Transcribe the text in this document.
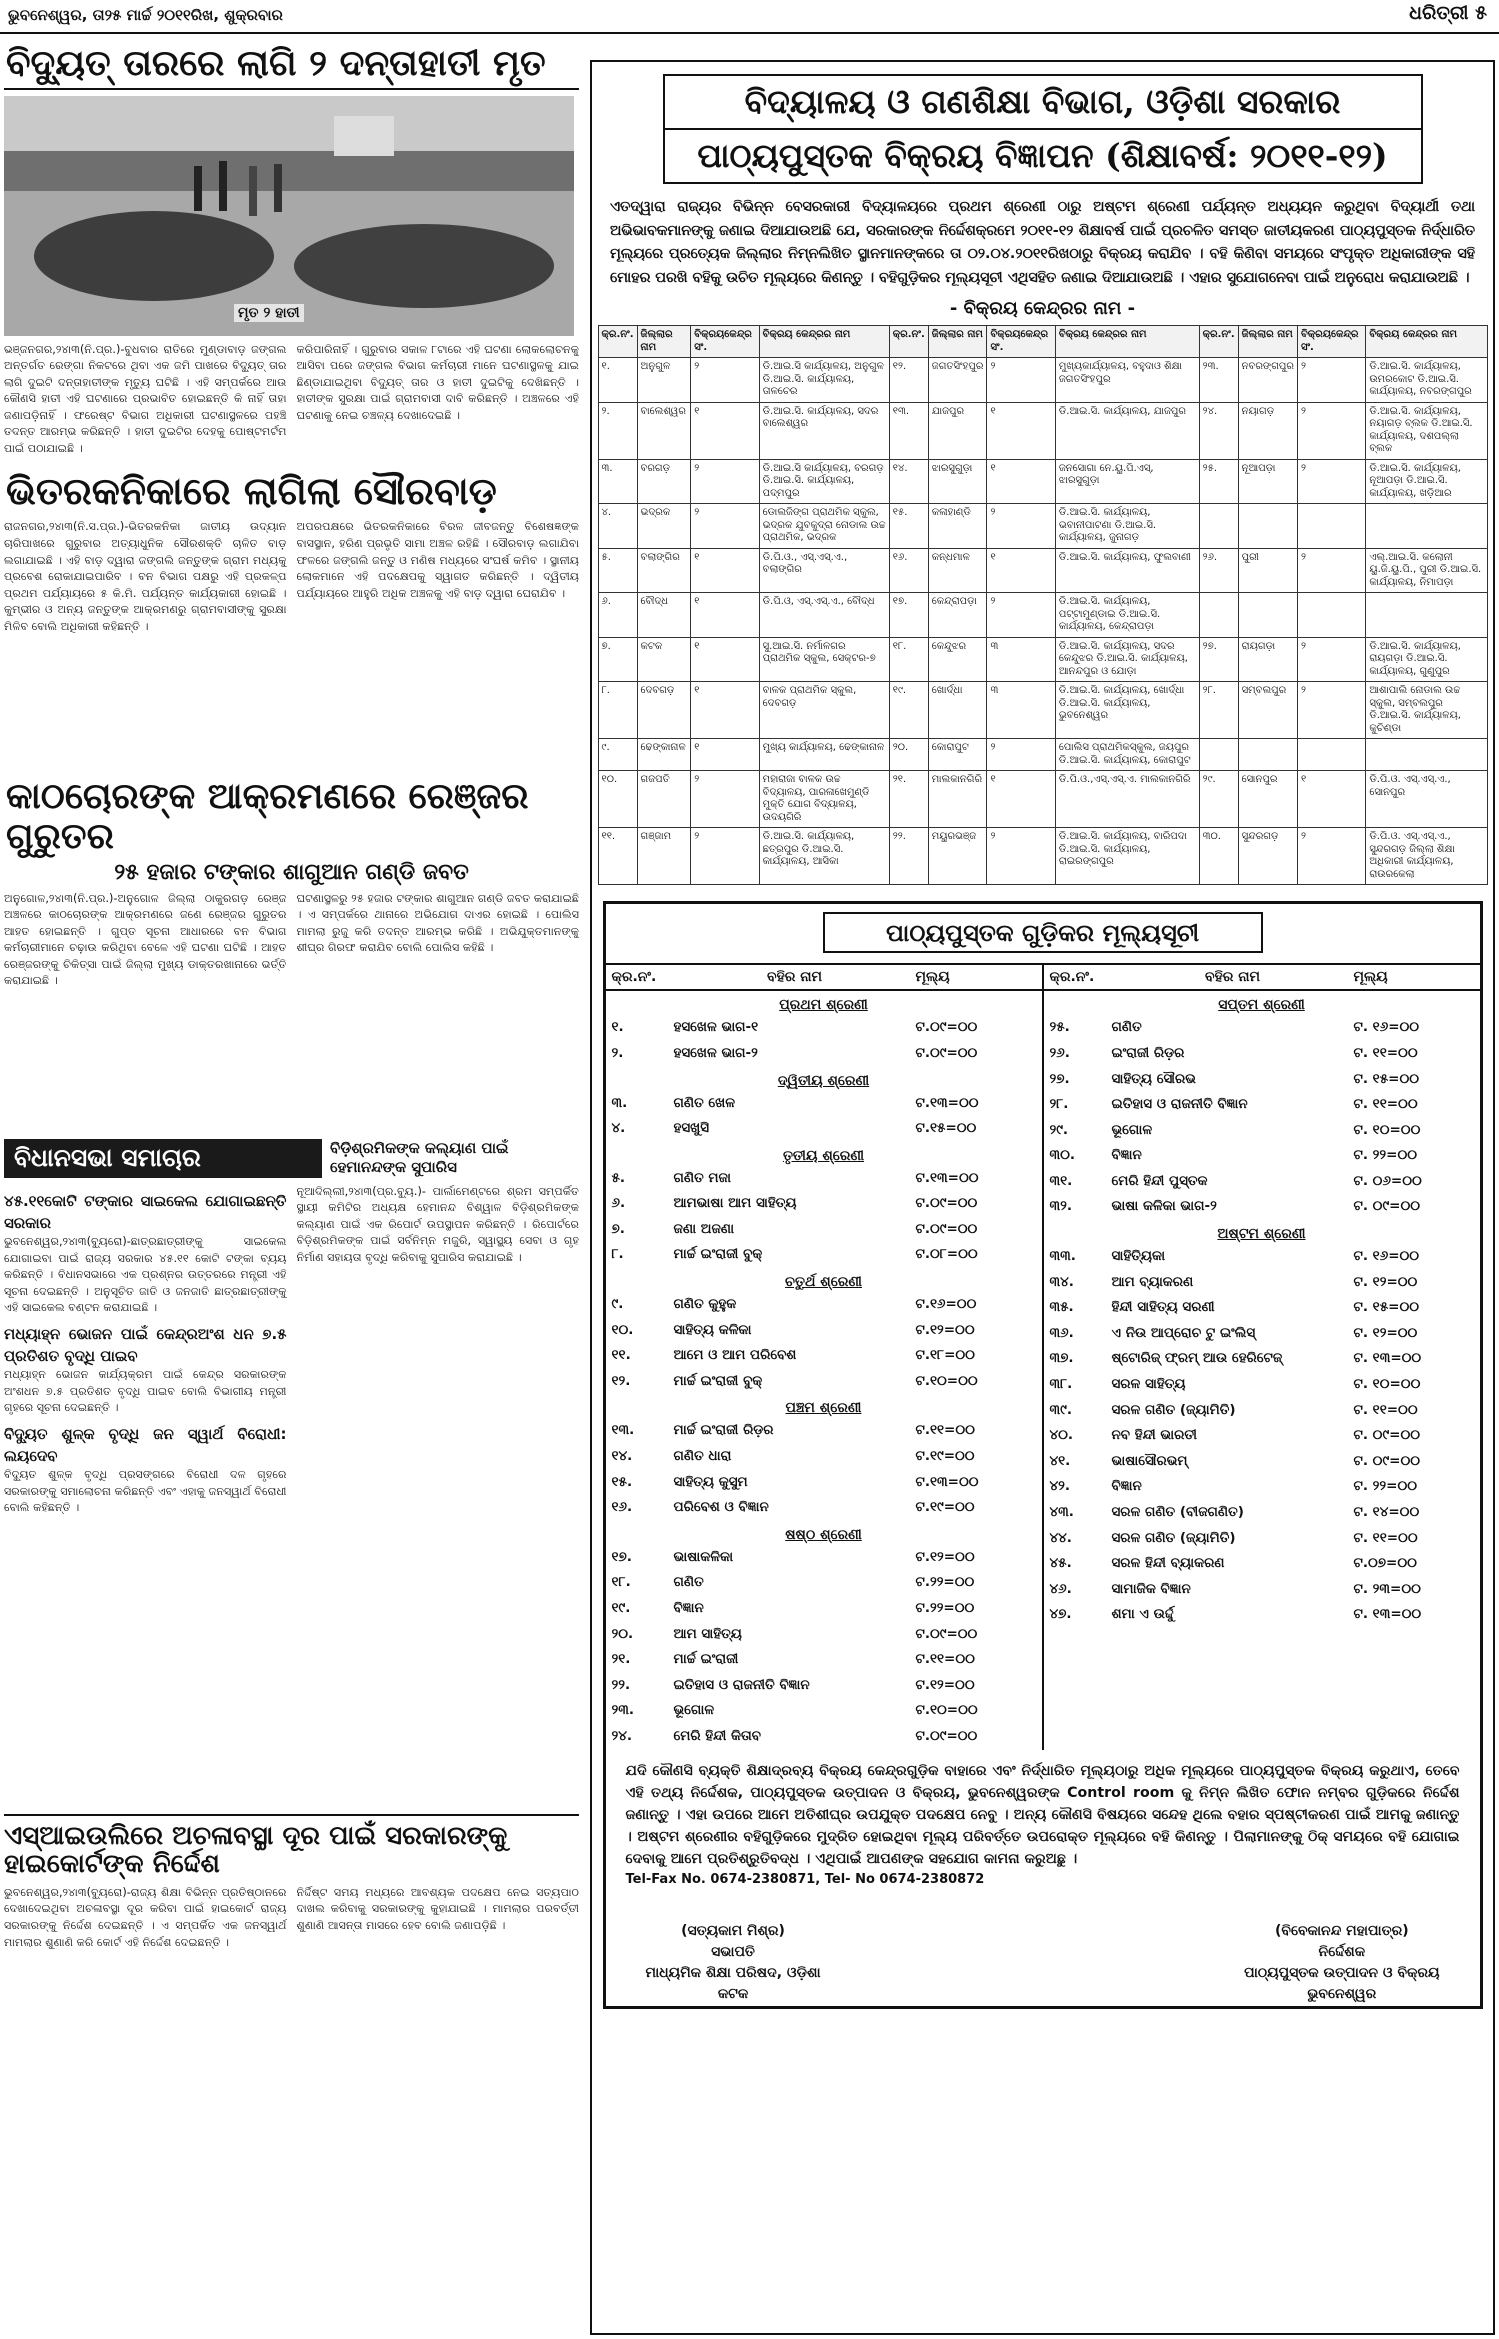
ଭୁବନେଶ୍ୱର, ତା୨୫ ମାର୍ଚ୍ଚ ୨୦୧୧ରିଖ, ଶୁକ୍ରବାର	ଧରିତ୍ରୀ ୫
ବିଦ୍ୟୁତ୍ ତାରରେ ଲାଗି ୨ ଦନ୍ତାହାତୀ ମୃତ
ମୃତ ୨ ହାତୀ
ଭଞ୍ଜନଗର,୨୪ା୩(ନି.ପ୍ର.)-ବୁଧବାର ରାତିରେ ମୁଣ୍ଡାବାଡ଼ ଜଙ୍ଗଲ ଅନ୍ତର୍ଗତ ରେଙ୍ଗା ନିକଟରେ ଥିବା ଏକ ଜମି ପାଖରେ ବିଦ୍ୟୁତ୍ ତାର ଲାଗି ଦୁଇଟି ଦନ୍ତାହାତୀଙ୍କ ମୃତ୍ୟୁ ଘଟିଛି । ଏହି ସମ୍ପର୍କରେ ଆଉ କୌଣସି ହାତୀ ଏହି ଘଟଣାରେ ପ୍ରଭାବିତ ହୋଇଛନ୍ତି କି ନାହିଁ ତାହା ଜଣାପଡ଼ିନାହିଁ । ଫରେଷ୍ଟ ବିଭାଗ ଅଧିକାରୀ ଘଟଣାସ୍ଥଳରେ ପହଞ୍ଚି ତଦନ୍ତ ଆରମ୍ଭ କରିଛନ୍ତି । ହାତୀ ଦୁଇଟିର ଦେହକୁ ପୋଷ୍ଟମର୍ଟମ ପାଇଁ ପଠାଯାଇଛି ।
କରିପାରିନାହିଁ । ଗୁରୁବାର ସକାଳ ୮ଟାରେ ଏହି ଘଟଣା ଲୋକଲୋଚନକୁ ଆସିବା ପରେ ଜଙ୍ଗଲ ବିଭାଗ କର୍ମଚାରୀ ମାନେ ଘଟଣାସ୍ଥଳକୁ ଯାଇ ଛିଣ୍ଡାଯାଇଥିବା ବିଦ୍ୟୁତ୍ ତାର ଓ ହାତୀ ଦୁଇଟିକୁ ଦେଖିଛନ୍ତି । ହାତୀଙ୍କ ସୁରକ୍ଷା ପାଇଁ ଗ୍ରାମବାସୀ ଦାବି କରିଛନ୍ତି । ଅଞ୍ଚଳରେ ଏହି ଘଟଣାକୁ ନେଇ ଚଞ୍ଚଳ୍ୟ ଦେଖାଦେଇଛି ।
ଭିତରକନିକାରେ ଲାଗିଲା ସୌରବାଡ଼
ରାଜନଗର,୨୪ା୩(ନି.ସ.ପ୍ର.)-ଭିତରକନିକା ଜାତୀୟ ଉଦ୍ୟାନ ଚାରିପାଖରେ ଗୁରୁବାର ଅତ୍ୟାଧୁନିକ ସୌରଶକ୍ତି ଚାଳିତ ବାଡ଼ ଲଗାଯାଇଛି । ଏହି ବାଡ଼ ଦ୍ୱାରା ଜଙ୍ଗଲି ଜନ୍ତୁଙ୍କ ଗ୍ରାମ ମଧ୍ୟକୁ ପ୍ରବେଶ ରୋକାଯାଇପାରିବ । ବନ ବିଭାଗ ପକ୍ଷରୁ ଏହି ପ୍ରକଳ୍ପ ପ୍ରଥମ ପର୍ଯ୍ୟାୟରେ ୫ କି.ମି. ପର୍ଯ୍ୟନ୍ତ କାର୍ଯ୍ୟକାରୀ ହୋଇଛି । କୁମ୍ଭୀର ଓ ଅନ୍ୟ ଜନ୍ତୁଙ୍କ ଆକ୍ରମଣରୁ ଗ୍ରାମବାସୀଙ୍କୁ ସୁରକ୍ଷା ମିଳିବ ବୋଲି ଅଧିକାରୀ କହିଛନ୍ତି ।
ଅପରପକ୍ଷରେ ଭିତରକନିକାରେ ବିରଳ ଜୀବଜନ୍ତୁ ବିଶେଷଜ୍ଞଙ୍କ ବାସସ୍ଥାନ, ହରିଣ ପ୍ରଭୃତି ସାମା ଅଞ୍ଚଳ ରହିଛି । ସୌରବାଡ଼ ଲଗାଯିବା ଫଳରେ ଜଙ୍ଗଲି ଜନ୍ତୁ ଓ ମଣିଷ ମଧ୍ୟରେ ସଂଘର୍ଷ କମିବ । ସ୍ଥାନୀୟ ଲୋକମାନେ ଏହି ପଦକ୍ଷେପକୁ ସ୍ୱାଗତ କରିଛନ୍ତି । ଦ୍ୱିତୀୟ ପର୍ଯ୍ୟାୟରେ ଆହୁରି ଅଧିକ ଅଞ୍ଚଳକୁ ଏହି ବାଡ଼ ଦ୍ୱାରା ଘେରାଯିବ ।
କାଠଚୋରଙ୍କ ଆକ୍ରମଣରେ ରେଞ୍ଜର ଗୁରୁତର
୨୫ ହଜାର ଟଙ୍କାର ଶାଗୁଆନ ଗଣ୍ଡି ଜବତ
ଅନୁଗୋଳ,୨୪ା୩(ନି.ପ୍ର.)-ଅନୁଗୋଳ ଜିଲ୍ଲା ଠାକୁରଗଡ଼ ରେଞ୍ଜ ଅଞ୍ଚଳରେ କାଠଚୋରଙ୍କ ଆକ୍ରମଣରେ ଜଣେ ରେଞ୍ଜର ଗୁରୁତର ଆହତ ହୋଇଛନ୍ତି । ଗୁପ୍ତ ସୂଚନା ଆଧାରରେ ବନ ବିଭାଗ କର୍ମଚାରୀମାନେ ଚଢ଼ାଉ କରିଥିବା ବେଳେ ଏହି ଘଟଣା ଘଟିଛି । ଆହତ ରେଞ୍ଜରଙ୍କୁ ଚିକିତ୍ସା ପାଇଁ ଜିଲ୍ଲା ମୁଖ୍ୟ ଡାକ୍ତରଖାନାରେ ଭର୍ତ୍ତି କରାଯାଇଛି ।
ଘଟଣାସ୍ଥଳରୁ ୨୫ ହଜାର ଟଙ୍କାର ଶାଗୁଆନ ଗଣ୍ଡି ଜବତ କରାଯାଇଛି । ଏ ସମ୍ପର୍କରେ ଥାନାରେ ଅଭିଯୋଗ ଦାଏର ହୋଇଛି । ପୋଲିସ ମାମଲା ରୁଜୁ କରି ତଦନ୍ତ ଆରମ୍ଭ କରିଛି । ଅଭିଯୁକ୍ତମାନଙ୍କୁ ଶୀଘ୍ର ଗିରଫ କରାଯିବ ବୋଲି ପୋଲିସ କହିଛି ।
ବିଧାନସଭା ସମାଚାର	ବିଡ଼ିଶ୍ରମିକଙ୍କ କଲ୍ୟାଣ ପାଇଁ ହେମାନନ୍ଦଙ୍କ ସୁପାରିସ
୪୫.୧୧କୋଟି ଟଙ୍କାର ସାଇକେଲ ଯୋଗାଇଛନ୍ତି ସରକାର
ଭୁବନେଶ୍ୱର,୨୪ା୩(ବ୍ୟୁରୋ)-ଛାତ୍ରଛାତ୍ରୀଙ୍କୁ ସାଇକେଲ ଯୋଗାଇବା ପାଇଁ ରାଜ୍ୟ ସରକାର ୪୫.୧୧ କୋଟି ଟଙ୍କା ବ୍ୟୟ କରିଛନ୍ତି । ବିଧାନସଭାରେ ଏକ ପ୍ରଶ୍ନର ଉତ୍ତରରେ ମନ୍ତ୍ରୀ ଏହି ସୂଚନା ଦେଇଛନ୍ତି । ଅନୁସୂଚିତ ଜାତି ଓ ଜନଜାତି ଛାତ୍ରଛାତ୍ରୀଙ୍କୁ ଏହି ସାଇକେଲ ବଣ୍ଟନ କରାଯାଇଛି ।
ମଧ୍ୟାହ୍ନ ଭୋଜନ ପାଇଁ କେନ୍ଦ୍ରଅଂଶ ଧନ ୭.୫ ପ୍ରତିଶତ ବୃଦ୍ଧି ପାଇବ
ମଧ୍ୟାହ୍ନ ଭୋଜନ କାର୍ଯ୍ୟକ୍ରମ ପାଇଁ କେନ୍ଦ୍ର ସରକାରଙ୍କ ଅଂଶଧନ ୭.୫ ପ୍ରତିଶତ ବୃଦ୍ଧି ପାଇବ ବୋଲି ବିଭାଗୀୟ ମନ୍ତ୍ରୀ ଗୃହରେ ସୂଚନା ଦେଇଛନ୍ତି ।
ବିଦ୍ୟୁତ ଶୁଳ୍କ ବୃଦ୍ଧି ଜନ ସ୍ୱାର୍ଥ ବିରୋଧୀ: ଲୟଦେବ
ବିଦ୍ୟୁତ ଶୁଳ୍କ ବୃଦ୍ଧି ପ୍ରସଙ୍ଗରେ ବିରୋଧୀ ଦଳ ଗୃହରେ ସରକାରଙ୍କୁ ସମାଲୋଚନା କରିଛନ୍ତି ଏବଂ ଏହାକୁ ଜନସ୍ୱାର୍ଥ ବିରୋଧୀ ବୋଲି କହିଛନ୍ତି ।
ନୂଆଦିଲ୍ଲୀ,୨୪ା୩(ପ୍ର.ବ୍ୟୁ.)- ପାର୍ଲାମେଣ୍ଟରେ ଶ୍ରମ ସମ୍ପର୍କିତ ସ୍ଥାୟୀ କମିଟିର ଅଧ୍ୟକ୍ଷ ହେମାନନ୍ଦ ବିଶ୍ୱାଳ ବିଡ଼ିଶ୍ରମିକଙ୍କ କଲ୍ୟାଣ ପାଇଁ ଏକ ରିପୋର୍ଟ ଉପସ୍ଥାପନ କରିଛନ୍ତି । ରିପୋର୍ଟରେ ବିଡ଼ିଶ୍ରମିକଙ୍କ ପାଇଁ ସର୍ବନିମ୍ନ ମଜୁରି, ସ୍ୱାସ୍ଥ୍ୟ ସେବା ଓ ଗୃହ ନିର୍ମାଣ ସହାୟତା ବୃଦ୍ଧି କରିବାକୁ ସୁପାରିସ କରାଯାଇଛି ।
ଏସ୍ଆଇଉଲିରେ ଅଚଳାବସ୍ଥା ଦୂର ପାଇଁ ସରକାରଙ୍କୁ ହାଇକୋର୍ଟଙ୍କ ନିର୍ଦ୍ଦେଶ
ଭୁବନେଶ୍ୱର,୨୪ା୩(ବ୍ୟୁରୋ)-ରାଜ୍ୟ ଶିକ୍ଷା ବିଭିନ୍ନ ପ୍ରତିଷ୍ଠାନରେ ଦେଖାଦେଇଥିବା ଅଚଳାବସ୍ଥା ଦୂର କରିବା ପାଇଁ ହାଇକୋର୍ଟ ରାଜ୍ୟ ସରକାରଙ୍କୁ ନିର୍ଦ୍ଦେଶ ଦେଇଛନ୍ତି । ଏ ସମ୍ପର୍କିତ ଏକ ଜନସ୍ୱାର୍ଥ ମାମଲାର ଶୁଣାଣି କରି କୋର୍ଟ ଏହି ନିର୍ଦ୍ଦେଶ ଦେଇଛନ୍ତି ।
ନିର୍ଦ୍ଦିଷ୍ଟ ସମୟ ମଧ୍ୟରେ ଆବଶ୍ୟକ ପଦକ୍ଷେପ ନେଇ ସତ୍ୟପାଠ ଦାଖଲ କରିବାକୁ ସରକାରଙ୍କୁ କୁହାଯାଇଛି । ମାମଲାର ପରବର୍ତ୍ତୀ ଶୁଣାଣି ଆସନ୍ତା ମାସରେ ହେବ ବୋଲି ଜଣାପଡ଼ିଛି ।
ବିଦ୍ୟାଳୟ ଓ ଗଣଶିକ୍ଷା ବିଭାଗ, ଓଡ଼ିଶା ସରକାର
ପାଠ୍ୟପୁସ୍ତକ ବିକ୍ରୟ ବିଜ୍ଞାପନ (ଶିକ୍ଷାବର୍ଷ: ୨୦୧୧-୧୨)
ଏତଦ୍ୱାରା ରାଜ୍ୟର ବିଭିନ୍ନ ବେସରକାରୀ ବିଦ୍ୟାଳୟରେ ପ୍ରଥମ ଶ୍ରେଣୀ ଠାରୁ ଅଷ୍ଟମ ଶ୍ରେଣୀ ପର୍ଯ୍ୟନ୍ତ ଅଧ୍ୟୟନ କରୁଥିବା ବିଦ୍ୟାର୍ଥୀ ତଥା ଅଭିଭାବକମାନଙ୍କୁ ଜଣାଇ ଦିଆଯାଉଅଛି ଯେ, ସରକାରଙ୍କ ନିର୍ଦ୍ଦେଶକ୍ରମେ ୨୦୧୧-୧୨ ଶିକ୍ଷାବର୍ଷ ପାଇଁ ପ୍ରଚଳିତ ସମସ୍ତ ଜାତୀୟକରଣ ପାଠ୍ୟପୁସ୍ତକ ନିର୍ଦ୍ଧାରିତ ମୂଲ୍ୟରେ ପ୍ରତ୍ୟେକ ଜିଲ୍ଲାର ନିମ୍ନଲିଖିତ ସ୍ଥାନମାନଙ୍କରେ ତା ୦୨.୦୪.୨୦୧୧ରିଖଠାରୁ ବିକ୍ରୟ କରାଯିବ । ବହି କିଣିବା ସମୟରେ ସଂପୃକ୍ତ ଅଧିକାରୀଙ୍କ ସହି ମୋହର ପରଖି ବହିକୁ ଉଚିତ ମୂଲ୍ୟରେ କିଣନ୍ତୁ । ବହିଗୁଡ଼ିକର ମୂଲ୍ୟସୂଚୀ ଏଥିସହିତ ଜଣାଇ ଦିଆଯାଉଅଛି । ଏହାର ସୁଯୋଗନେବା ପାଇଁ ଅନୁରୋଧ କରାଯାଉଅଛି ।
- ବିକ୍ରୟ କେନ୍ଦ୍ରର ନାମ -
କ୍ର.ନଂ.	ଜିଲ୍ଲାର ନାମ	ବିକ୍ରୟକେନ୍ଦ୍ର ସଂ.	ବିକ୍ରୟ କେନ୍ଦ୍ରର ନାମ	କ୍ର.ନଂ.	ଜିଲ୍ଲାର ନାମ	ବିକ୍ରୟକେନ୍ଦ୍ର ସଂ.	ବିକ୍ରୟ କେନ୍ଦ୍ରର ନାମ	କ୍ର.ନଂ.	ଜିଲ୍ଲାର ନାମ	ବିକ୍ରୟକେନ୍ଦ୍ର ସଂ.	ବିକ୍ରୟ କେନ୍ଦ୍ରର ନାମ
୧.	ଅନୁଗୁଳ	୨	ଡି.ଆଇ.ସି କାର୍ଯ୍ୟାଳୟ, ଅନୁଗୁଳ ଡି.ଆଇ.ସି. କାର୍ଯ୍ୟାଳୟ, ତାଳଚେର	୧୨.	ଜଗତସିଂହପୁର	୨	ମୁଖ୍ୟକାର୍ଯ୍ୟାଳୟ, ବହୁଦାଓ ଶିକ୍ଷା ଜଗତସିଂହପୁର	୨୩.	ନବରଙ୍ଗପୁର	୨	ଡି.ଆଇ.ସି. କାର୍ଯ୍ୟାଳୟ, ଉମରକୋଟ ଡି.ଆଇ.ସି. କାର୍ଯ୍ୟାଳୟ, ନବରଙ୍ଗପୁର
୨.	ବାଲେଶ୍ୱର	୧	ଡି.ଆଇ.ସି. କାର୍ଯ୍ୟାଳୟ, ସଦର ବାଲେଶ୍ୱର	୧୩.	ଯାଜପୁର	୧	ଡି.ଆଇ.ସି. କାର୍ଯ୍ୟାଳୟ, ଯାଜପୁର	୨୪.	ନୟାଗଡ଼	୨	ଡି.ଆଇ.ସି. କାର୍ଯ୍ୟାଳୟ, ନୟାଗଡ଼ ବ୍ଲକ ଡି.ଆଇ.ସି. କାର୍ଯ୍ୟାଳୟ, ଦଶପଲ୍ଲା ବ୍ଲକ
୩.	ବରଗଡ଼	୨	ଡି.ଆଇ.ସି କାର୍ଯ୍ୟାଳୟ, ବରଗଡ଼ ଡି.ଆଇ.ସି. କାର୍ଯ୍ୟାଳୟ, ପଦ୍ମପୁର	୧୪.	ଝାରସୁଗୁଡ଼ା	୧	ଜନସୋଗା ନେ.ୟୁ.ପି.ଏସ୍, ଝାରସୁଗୁଡ଼ା	୨୫.	ନୂଆପଡ଼ା	୨	ଡି.ଆଇ.ସି. କାର୍ଯ୍ୟାଳୟ, ନୂଆପଡ଼ା ଡି.ଆଇ.ସି. କାର୍ଯ୍ୟାଳୟ, ଖଡ଼ିଆର
୪.	ଭଦ୍ରକ	୨	ଡୋଲଜିଙ୍ଗ ପ୍ରାଥମିକ ସ୍କୁଲ, ଭଦ୍ରକ ଯୁବକୁଦ୍ରା ନୋଡାଲ ଉଚ୍ଚ ପ୍ରାଥମିକ, ଭଦ୍ରକ	୧୫.	କଳାହାଣ୍ଡି	୨	ଡି.ଆଇ.ସି. କାର୍ଯ୍ୟାଳୟ, ଭବାନୀପାଟଣା ଡି.ଆଇ.ସି. କାର୍ଯ୍ୟାଳୟ, ଜୁନାଗଡ଼				
୫.	ବଲାଙ୍ଗିର	୧	ଡି.ପି.ଓ., ଏସ୍.ଏସ୍.ଏ., ବଲାଙ୍ଗିର	୧୬.	କନ୍ଧମାଳ	୧	ଡି.ଆଇ.ସି. କାର୍ଯ୍ୟାଳୟ, ଫୁଲବାଣୀ	୨୬.	ପୁରୀ	୨	ଏଲ୍.ଆଇ.ସି. କଲୋନୀ ୟୁ.ଜି.ୟୁ.ପି., ପୁରୀ ଡି.ଆଇ.ସି. କାର୍ଯ୍ୟାଳୟ, ନିମାପଡ଼ା
୬.	ବୌଦ୍ଧ	୧	ଡି.ପି.ଓ, ଏସ୍.ଏସ୍.ଏ., ବୌଦ୍ଧ	୧୭.	କେନ୍ଦ୍ରାପଡ଼ା	୨	ଡି.ଆଇ.ସି. କାର୍ଯ୍ୟାଳୟ, ପଟ୍ଟାମୁଣ୍ଡାଇ ଡି.ଆଇ.ସି. କାର୍ଯ୍ୟାଳୟ, କେନ୍ଦ୍ରାପଡ଼ା				
୭.	କଟକ	୧	ସୁ.ଆଇ.ସି. ନର୍ମାଳଗର ପ୍ରାଥମିକ ସ୍କୁଲ, ସେକ୍ଟର-୭	୧୮.	କେନ୍ଦୁଝର	୩	ଡି.ଆଇ.ସି. କାର୍ଯ୍ୟାଳୟ, ସଦର କେନ୍ଦୁଝର ଡି.ଆଇ.ସି. କାର୍ଯ୍ୟାଳୟ, ଆନନ୍ଦପୁର ଓ ଯୋଡ଼ା	୨୭.	ରାୟଗଡ଼ା	୨	ଡି.ଆଇ.ସି. କାର୍ଯ୍ୟାଳୟ, ରାୟଗଡ଼ା ଡି.ଆଇ.ସି. କାର୍ଯ୍ୟାଳୟ, ଗୁଣୁପୁର
୮.	ଦେବଗଡ଼	୧	ବାଳକ ପ୍ରାଥମିକ ସ୍କୁଲ, ଦେବଗଡ଼	୧୯.	ଖୋର୍ଦ୍ଧା	୩	ଡି.ଆଇ.ସି. କାର୍ଯ୍ୟାଳୟ, ଖୋର୍ଦ୍ଧା ଡି.ଆଇ.ସି. କାର୍ଯ୍ୟାଳୟ, ଭୁବନେଶ୍ୱର	୨୮.	ସମ୍ବଲପୁର	୨	ଆଶାପାଲି ନୋଡାଲ ଉଚ୍ଚ ସ୍କୁଲ, ସମ୍ବଲପୁର ଡି.ଆଇ.ସି. କାର୍ଯ୍ୟାଳୟ, କୁଚିଣ୍ଡା
୯.	ଢେଙ୍କାନାଳ	୧	ମୁଖ୍ୟ କାର୍ଯ୍ୟାଳୟ, ଢେଙ୍କାନାଳ	୨୦.	କୋରାପୁଟ	୨	ପୋଲିସ ପ୍ରାଥମିକସ୍କୁଲ, ଜୟପୁର ଡି.ଆଇ.ସି. କାର୍ଯ୍ୟାଳୟ, କୋରାପୁଟ				
୧୦.	ଗଜପତି	୨	ମହାରାଜା ବାଳକ ଉଚ୍ଚ ବିଦ୍ୟାଳୟ, ପାରଳାଖେମୁଣ୍ଡି ମୁକ୍ତି ଯୋଗ ବିଦ୍ୟାଳୟ, ଉଦୟଗିରି	୨୧.	ମାଲକାନଗିରି	୧	ଡି.ପି.ଓ.,ଏସ୍.ଏସ୍.ଏ. ମାଲକାନଗିରି	୨୯.	ସୋନପୁର	୧	ଡି.ପି.ଓ. ଏସ୍.ଏସ୍.ଏ., ସୋନପୁର
୧୧.	ଗଞ୍ଜାମ	୨	ଡି.ଆଇ.ସି. କାର୍ଯ୍ୟାଳୟ, ଛତ୍ରପୁର ଡି.ଆଇ.ସି. କାର୍ଯ୍ୟାଳୟ, ଆସିକା	୨୨.	ମୟୁରଭଞ୍ଜ	୨	ଡି.ଆଇ.ସି. କାର୍ଯ୍ୟାଳୟ, ବାରିପଦା ଡି.ଆଇ.ସି. କାର୍ଯ୍ୟାଳୟ, ରାଇରଙ୍ଗପୁର	୩୦.	ସୁନ୍ଦରଗଡ଼	୨	ଡି.ପି.ଓ. ଏସ୍.ଏସ୍.ଏ., ସୁନ୍ଦରଗଡ଼ ଜିଲ୍ଲା ଶିକ୍ଷା ଅଧିକାରୀ କାର୍ଯ୍ୟାଳୟ, ରାଉରକେଲା
ପାଠ୍ୟପୁସ୍ତକ ଗୁଡ଼ିକର ମୂଲ୍ୟସୂଚୀ
କ୍ର.ନଂ.	ବହିର ନାମ	ମୂଲ୍ୟ
ପ୍ରଥମ ଶ୍ରେଣୀ
୧.	ହସଖେଳ ଭାଗ-୧	ଟ.୦୯=୦୦
୨.	ହସଖେଳ ଭାଗ-୨	ଟ.୦୯=୦୦
ଦ୍ୱିତୀୟ ଶ୍ରେଣୀ
୩.	ଗଣିତ ଖେଳ	ଟ.୧୩=୦୦
୪.	ହସଖୁସି	ଟ.୧୫=୦୦
ତୃତୀୟ ଶ୍ରେଣୀ
୫.	ଗଣିତ ମଜା	ଟ.୧୩=୦୦
୬.	ଆମଭାଷା ଆମ ସାହିତ୍ୟ	ଟ.୦୯=୦୦
୭.	ଜଣା ଅଜଣା	ଟ.୦୯=୦୦
୮.	ମାର୍ଚ୍ଚ ଇଂରାଜୀ ବୁକ୍	ଟ.୦୮=୦୦
ଚତୁର୍ଥ ଶ୍ରେଣୀ
୯.	ଗଣିତ କୁହୁକ	ଟ.୧୬=୦୦
୧୦.	ସାହିତ୍ୟ କଳିକା	ଟ.୧୨=୦୦
୧୧.	ଆମେ ଓ ଆମ ପରିବେଶ	ଟ.୧୮=୦୦
୧୨.	ମାର୍ଚ୍ଚ ଇଂରାଜୀ ବୁକ୍	ଟ.୧୦=୦୦
ପଞ୍ଚମ ଶ୍ରେଣୀ
୧୩.	ମାର୍ଚ୍ଚ ଇଂରାଜୀ ରିଡ଼ର	ଟ.୧୧=୦୦
୧୪.	ଗଣିତ ଧାରା	ଟ.୧୯=୦୦
୧୫.	ସାହିତ୍ୟ କୁସୁମ	ଟ.୧୩=୦୦
୧୬.	ପରିବେଶ ଓ ବିଜ୍ଞାନ	ଟ.୧୯=୦୦
ଷଷ୍ଠ ଶ୍ରେଣୀ
୧୭.	ଭାଷାକଳିକା	ଟ.୧୨=୦୦
୧୮.	ଗଣିତ	ଟ.୨୨=୦୦
୧୯.	ବିଜ୍ଞାନ	ଟ.୨୨=୦୦
୨୦.	ଆମ ସାହିତ୍ୟ	ଟ.୦୯=୦୦
୨୧.	ମାର୍ଚ୍ଚ ଇଂରାଜୀ	ଟ.୧୧=୦୦
୨୨.	ଇତିହାସ ଓ ରାଜନୀତି ବିଜ୍ଞାନ	ଟ.୧୨=୦୦
୨୩.	ଭୂଗୋଳ	ଟ.୧୦=୦୦
୨୪.	ମେରି ହିନ୍ଦୀ କିତାବ	ଟ.୦୯=୦୦
କ୍ର.ନଂ.	ବହିର ନାମ	ମୂଲ୍ୟ
ସପ୍ତମ ଶ୍ରେଣୀ
୨୫.	ଗଣିତ	ଟ. ୧୬=୦୦
୨୬.	ଇଂରାଜୀ ରିଡ଼ର	ଟ. ୧୧=୦୦
୨୭.	ସାହିତ୍ୟ ସୌରଭ	ଟ. ୧୫=୦୦
୨୮.	ଇତିହାସ ଓ ରାଜନୀତି ବିଜ୍ଞାନ	ଟ. ୧୧=୦୦
୨୯.	ଭୂଗୋଳ	ଟ. ୧୦=୦୦
୩୦.	ବିଜ୍ଞାନ	ଟ. ୨୨=୦୦
୩୧.	ମେରି ହିନ୍ଦୀ ପୁସ୍ତକ	ଟ. ୦୬=୦୦
୩୨.	ଭାଷା କଳିକା ଭାଗ-୨	ଟ. ୦୯=୦୦
ଅଷ୍ଟମ ଶ୍ରେଣୀ
୩୩.	ସାହିତ୍ୟିକା	ଟ. ୧୬=୦୦
୩୪.	ଆମ ବ୍ୟାକରଣ	ଟ. ୧୨=୦୦
୩୫.	ହିନ୍ଦୀ ସାହିତ୍ୟ ସରଣୀ	ଟ. ୧୫=୦୦
୩୬.	ଏ ନିଉ ଆପ୍ରୋଚ ଟୁ ଇଂଲିସ୍	ଟ. ୧୨=୦୦
୩୭.	ଷ୍ଟୋରିଜ୍ ଫ୍ରମ୍ ଆଉ ହେରିଟେଜ୍	ଟ. ୧୩=୦୦
୩୮.	ସରଳ ସାହିତ୍ୟ	ଟ. ୧୦=୦୦
୩୯.	ସରଳ ଗଣିତ (ଜ୍ୟାମିତି)	ଟ. ୧୧=୦୦
୪୦.	ନବ ହିନ୍ଦୀ ଭାରତୀ	ଟ. ୦୯=୦୦
୪୧.	ଭାଷାସୌରଭମ୍	ଟ. ୦୯=୦୦
୪୨.	ବିଜ୍ଞାନ	ଟ. ୨୨=୦୦
୪୩.	ସରଳ ଗଣିତ (ବୀଜଗଣିତ)	ଟ. ୧୪=୦୦
୪୪.	ସରଳ ଗଣିତ (ଜ୍ୟାମିତି)	ଟ. ୧୧=୦୦
୪୫.	ସରଳ ହିନ୍ଦୀ ବ୍ୟାକରଣ	ଟ.୦୭=୦୦
୪୬.	ସାମାଜିକ ବିଜ୍ଞାନ	ଟ. ୨୩=୦୦
୪୭.	ଶମା ଏ ଉର୍ଦ୍ଦୁ	ଟ. ୧୩=୦୦
ଯଦି କୌଣସି ବ୍ୟକ୍ତି ଶିକ୍ଷାଦ୍ରବ୍ୟ ବିକ୍ରୟ କେନ୍ଦ୍ରଗୁଡ଼ିକ ବାହାରେ ଏବଂ ନିର୍ଦ୍ଧାରିତ ମୂଲ୍ୟଠାରୁ ଅଧିକ ମୂଲ୍ୟରେ ପାଠ୍ୟପୁସ୍ତକ ବିକ୍ରୟ କରୁଥାଏ, ତେବେ ଏହି ତଥ୍ୟ ନିର୍ଦ୍ଦେଶକ, ପାଠ୍ୟପୁସ୍ତକ ଉତ୍ପାଦନ ଓ ବିକ୍ରୟ, ଭୁବନେଶ୍ୱରଙ୍କ Control room କୁ ନିମ୍ନ ଲିଖିତ ଫୋନ ନମ୍ବର ଗୁଡ଼ିକରେ ନିର୍ଦ୍ଦେଶ ଜଣାନ୍ତୁ । ଏହା ଉପରେ ଆମେ ଅତିଶୀଘ୍ର ଉପଯୁକ୍ତ ପଦକ୍ଷେପ ନେବୁ । ଅନ୍ୟ କୌଣସି ବିଷୟରେ ସନ୍ଦେହ ଥିଲେ ବହାର ସ୍ପଷ୍ଟୀକରଣ ପାଇଁ ଆମକୁ ଜଣାନ୍ତୁ । ଅଷ୍ଟମ ଶ୍ରେଣୀର ବହିଗୁଡ଼ିକରେ ମୁଦ୍ରିତ ହୋଇଥିବା ମୂଲ୍ୟ ପରିବର୍ତ୍ତେ ଉପରୋକ୍ତ ମୂଲ୍ୟରେ ବହି କିଣନ୍ତୁ । ପିଲାମାନଙ୍କୁ ଠିକ୍ ସମୟରେ ବହି ଯୋଗାଇ ଦେବାକୁ ଆମେ ପ୍ରତିଶ୍ରୁତିବଦ୍ଧ । ଏଥିପାଇଁ ଆପଣଙ୍କ ସହଯୋଗ କାମନା କରୁଅଛୁ ।
Tel-Fax No. 0674-2380871, Tel- No 0674-2380872
(ସତ୍ୟକାମ ମିଶ୍ର)
ସଭାପତି
ମାଧ୍ୟମିକ ଶିକ୍ଷା ପରିଷଦ, ଓଡ଼ିଶା
କଟକ
(ବିବେକାନନ୍ଦ ମହାପାତ୍ର)
ନିର୍ଦ୍ଦେଶକ
ପାଠ୍ୟପୁସ୍ତକ ଉତ୍ପାଦନ ଓ ବିକ୍ରୟ
ଭୁବନେଶ୍ୱର
